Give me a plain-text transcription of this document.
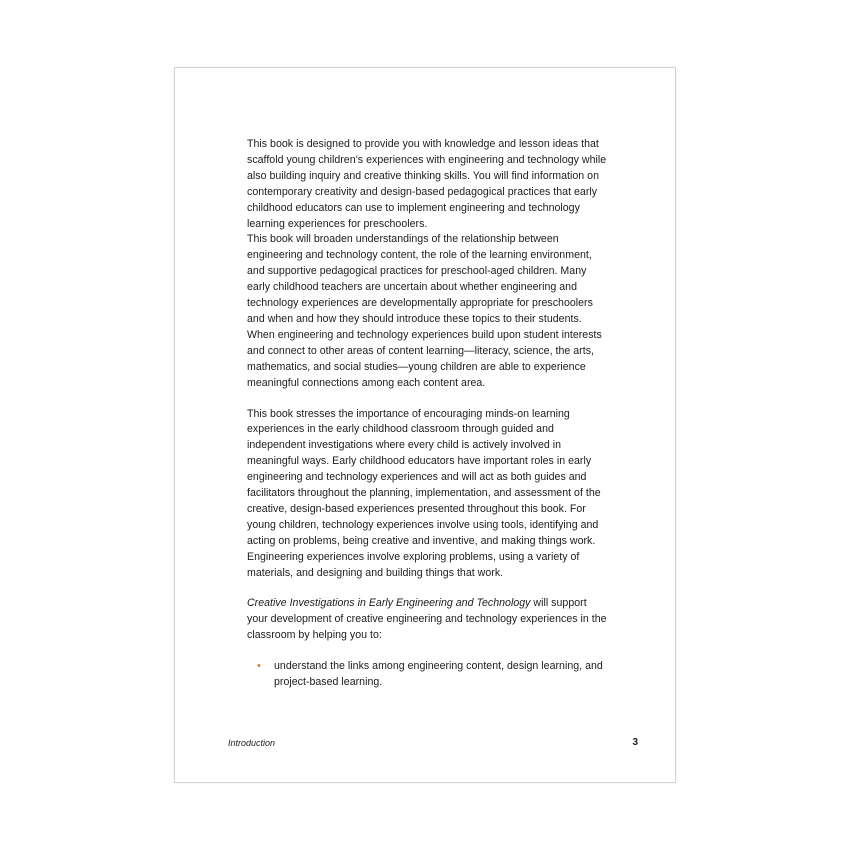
This book is designed to provide you with knowledge and lesson ideas that scaffold young children’s experiences with engineering and technology while also building inquiry and creative thinking skills. You will find information on contemporary creativity and design-based pedagogical practices that early childhood educators can use to implement engineering and technology learning experiences for preschoolers.

This book will broaden understandings of the relationship between engineering and technology content, the role of the learning environment, and supportive pedagogical practices for preschool-aged children. Many early childhood teachers are uncertain about whether engineering and technology experiences are developmentally appropriate for preschoolers and when and how they should introduce these topics to their students. When engineering and technology experiences build upon student interests and connect to other areas of content learning—literacy, science, the arts, mathematics, and social studies—young children are able to experience meaningful connections among each content area.

This book stresses the importance of encouraging minds-on learning experiences in the early childhood classroom through guided and independent investigations where every child is actively involved in meaningful ways. Early childhood educators have important roles in early engineering and technology experiences and will act as both guides and facilitators throughout the planning, implementation, and assessment of the creative, design-based experiences presented throughout this book. For young children, technology experiences involve using tools, identifying and acting on problems, being creative and inventive, and making things work. Engineering experiences involve exploring problems, using a variety of materials, and designing and building things that work.

Creative Investigations in Early Engineering and Technology will support your development of creative engineering and technology experiences in the classroom by helping you to:

• understand the links among engineering content, design learning, and project-based learning.
Introduction	3
